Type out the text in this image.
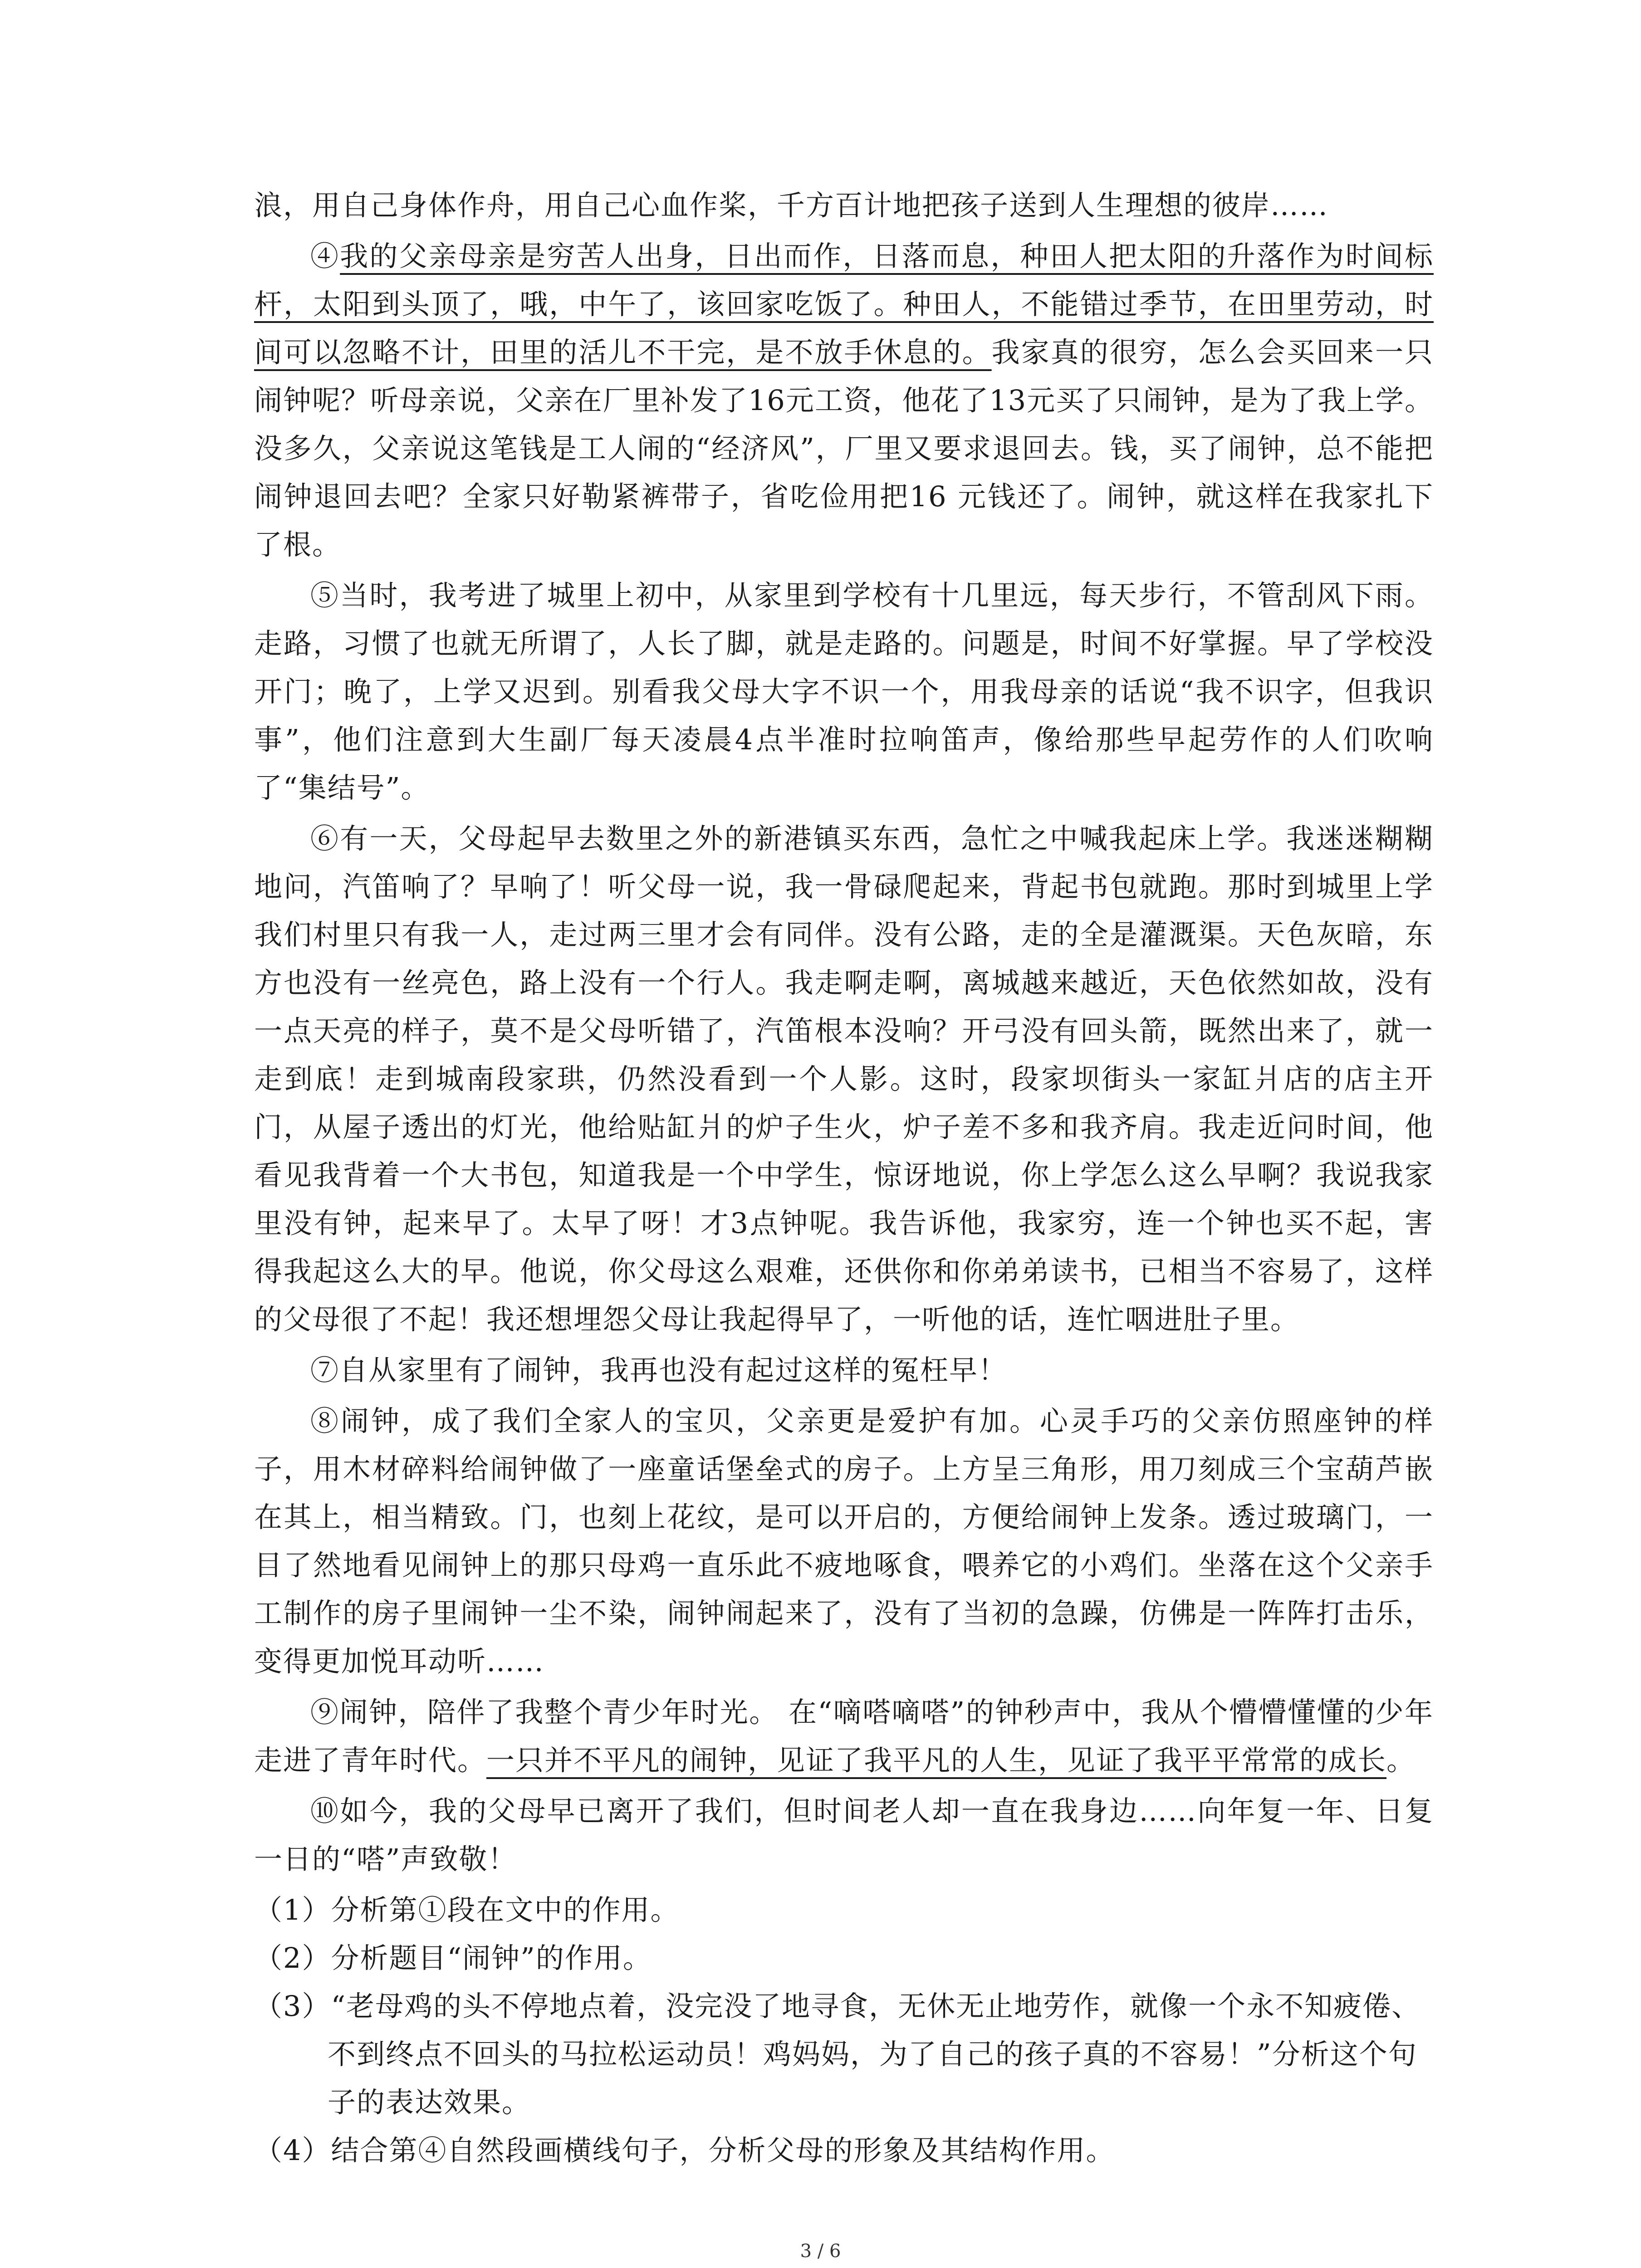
浪，用自己身体作舟，用自己心血作桨，千方百计地把孩子送到人生理想的彼岸……

④我的父亲母亲是穷苦人出身，日出而作，日落而息，种田人把太阳的升落作为时间标杆，太阳到头顶了，哦，中午了，该回家吃饭了。种田人，不能错过季节，在田里劳动，时间可以忽略不计，田里的活儿不干完，是不放手休息的。我家真的很穷，怎么会买回来一只闹钟呢？听母亲说，父亲在厂里补发了16元工资，他花了13元买了只闹钟，是为了我上学。没多久，父亲说这笔钱是工人闹的“经济风”，厂里又要求退回去。钱，买了闹钟，总不能把闹钟退回去吧？全家只好勒紧裤带子，省吃俭用把16 元钱还了。闹钟，就这样在我家扎下了根。

⑤当时，我考进了城里上初中，从家里到学校有十几里远，每天步行，不管刮风下雨。走路，习惯了也就无所谓了，人长了脚，就是走路的。问题是，时间不好掌握。早了学校没开门；晚了，上学又迟到。别看我父母大字不识一个，用我母亲的话说“我不识字，但我识事”，他们注意到大生副厂每天凌晨4点半准时拉响笛声，像给那些早起劳作的人们吹响了“集结号”。

⑥有一天，父母起早去数里之外的新港镇买东西，急忙之中喊我起床上学。我迷迷糊糊地问，汽笛响了？早响了！听父母一说，我一骨碌爬起来，背起书包就跑。那时到城里上学我们村里只有我一人，走过两三里才会有同伴。没有公路，走的全是灌溉渠。天色灰暗，东方也没有一丝亮色，路上没有一个行人。我走啊走啊，离城越来越近，天色依然如故，没有一点天亮的样子，莫不是父母听错了，汽笛根本没响？开弓没有回头箭，既然出来了，就一走到底！走到城南段家珙，仍然没看到一个人影。这时，段家坝街头一家缸爿店的店主开门，从屋子透出的灯光，他给贴缸爿的炉子生火，炉子差不多和我齐肩。我走近问时间，他看见我背着一个大书包，知道我是一个中学生，惊讶地说，你上学怎么这么早啊？我说我家里没有钟，起来早了。太早了呀！才3点钟呢。我告诉他，我家穷，连一个钟也买不起，害得我起这么大的早。他说，你父母这么艰难，还供你和你弟弟读书，已相当不容易了，这样的父母很了不起！我还想埋怨父母让我起得早了，一听他的话，连忙咽进肚子里。

⑦自从家里有了闹钟，我再也没有起过这样的冤枉早！

⑧闹钟，成了我们全家人的宝贝，父亲更是爱护有加。心灵手巧的父亲仿照座钟的样子，用木材碎料给闹钟做了一座童话堡垒式的房子。上方呈三角形，用刀刻成三个宝葫芦嵌在其上，相当精致。门，也刻上花纹，是可以开启的，方便给闹钟上发条。透过玻璃门，一目了然地看见闹钟上的那只母鸡一直乐此不疲地啄食，喂养它的小鸡们。坐落在这个父亲手工制作的房子里闹钟一尘不染，闹钟闹起来了，没有了当初的急躁，仿佛是一阵阵打击乐，变得更加悦耳动听……

⑨闹钟，陪伴了我整个青少年时光。 在“嘀嗒嘀嗒”的钟秒声中，我从个懵懵懂懂的少年走进了青年时代。一只并不平凡的闹钟，见证了我平凡的人生，见证了我平平常常的成长。

⑩如今，我的父母早已离开了我们，但时间老人却一直在我身边……向年复一年、日复一日的“嗒”声致敬！

（1）分析第①段在文中的作用。

（2）分析题目“闹钟”的作用。

（3）“老母鸡的头不停地点着，没完没了地寻食，无休无止地劳作，就像一个永不知疲倦、不到终点不回头的马拉松运动员！鸡妈妈，为了自己的孩子真的不容易！”分析这个句子的表达效果。

（4）结合第④自然段画横线句子，分析父母的形象及其结构作用。

3 / 6
